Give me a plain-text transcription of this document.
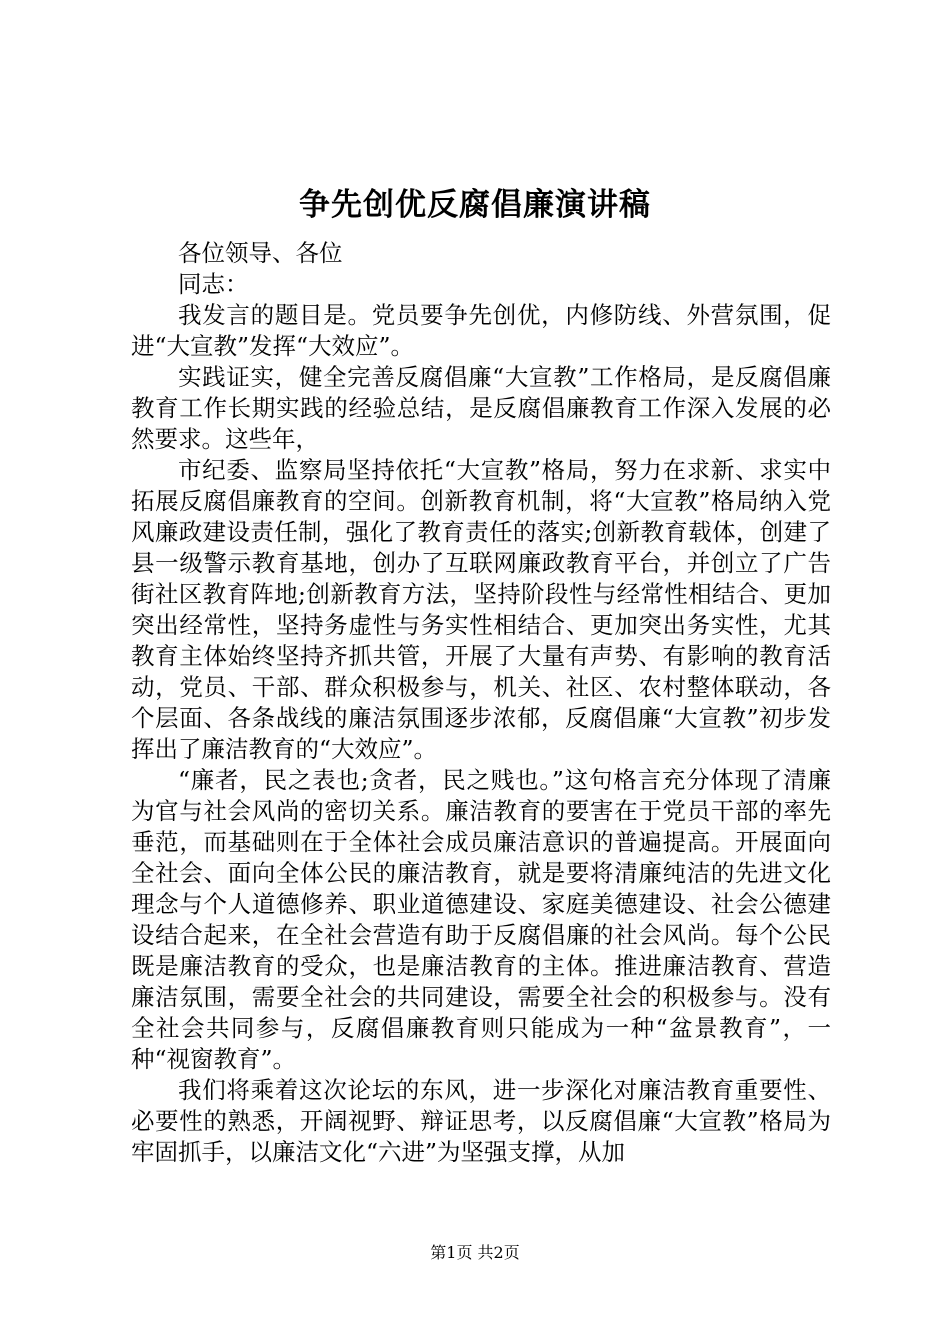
争先创优反腐倡廉演讲稿

各位领导、各位

同志：

我发言的题目是。党员要争先创优，内修防线、外营氛围，促进“大宣教”发挥“大效应”。

实践证实，健全完善反腐倡廉“大宣教”工作格局，是反腐倡廉教育工作长期实践的经验总结，是反腐倡廉教育工作深入发展的必然要求。这些年，

市纪委、监察局坚持依托“大宣教”格局，努力在求新、求实中拓展反腐倡廉教育的空间。创新教育机制，将“大宣教”格局纳入党风廉政建设责任制，强化了教育责任的落实;创新教育载体，创建了县一级警示教育基地，创办了互联网廉政教育平台，并创立了广告街社区教育阵地;创新教育方法，坚持阶段性与经常性相结合、更加突出经常性，坚持务虚性与务实性相结合、更加突出务实性，尤其教育主体始终坚持齐抓共管，开展了大量有声势、有影响的教育活动，党员、干部、群众积极参与，机关、社区、农村整体联动，各个层面、各条战线的廉洁氛围逐步浓郁，反腐倡廉“大宣教”初步发挥出了廉洁教育的“大效应”。

“廉者，民之表也;贪者，民之贱也。”这句格言充分体现了清廉为官与社会风尚的密切关系。廉洁教育的要害在于党员干部的率先垂范，而基础则在于全体社会成员廉洁意识的普遍提高。开展面向全社会、面向全体公民的廉洁教育，就是要将清廉纯洁的先进文化理念与个人道德修养、职业道德建设、家庭美德建设、社会公德建设结合起来，在全社会营造有助于反腐倡廉的社会风尚。每个公民既是廉洁教育的受众，也是廉洁教育的主体。推进廉洁教育、营造廉洁氛围，需要全社会的共同建设，需要全社会的积极参与。没有全社会共同参与，反腐倡廉教育则只能成为一种“盆景教育”，一种“视窗教育”。

我们将乘着这次论坛的东风，进一步深化对廉洁教育重要性、必要性的熟悉，开阔视野、辩证思考，以反腐倡廉“大宣教”格局为牢固抓手，以廉洁文化“六进”为坚强支撑，从加

第1页 共2页
